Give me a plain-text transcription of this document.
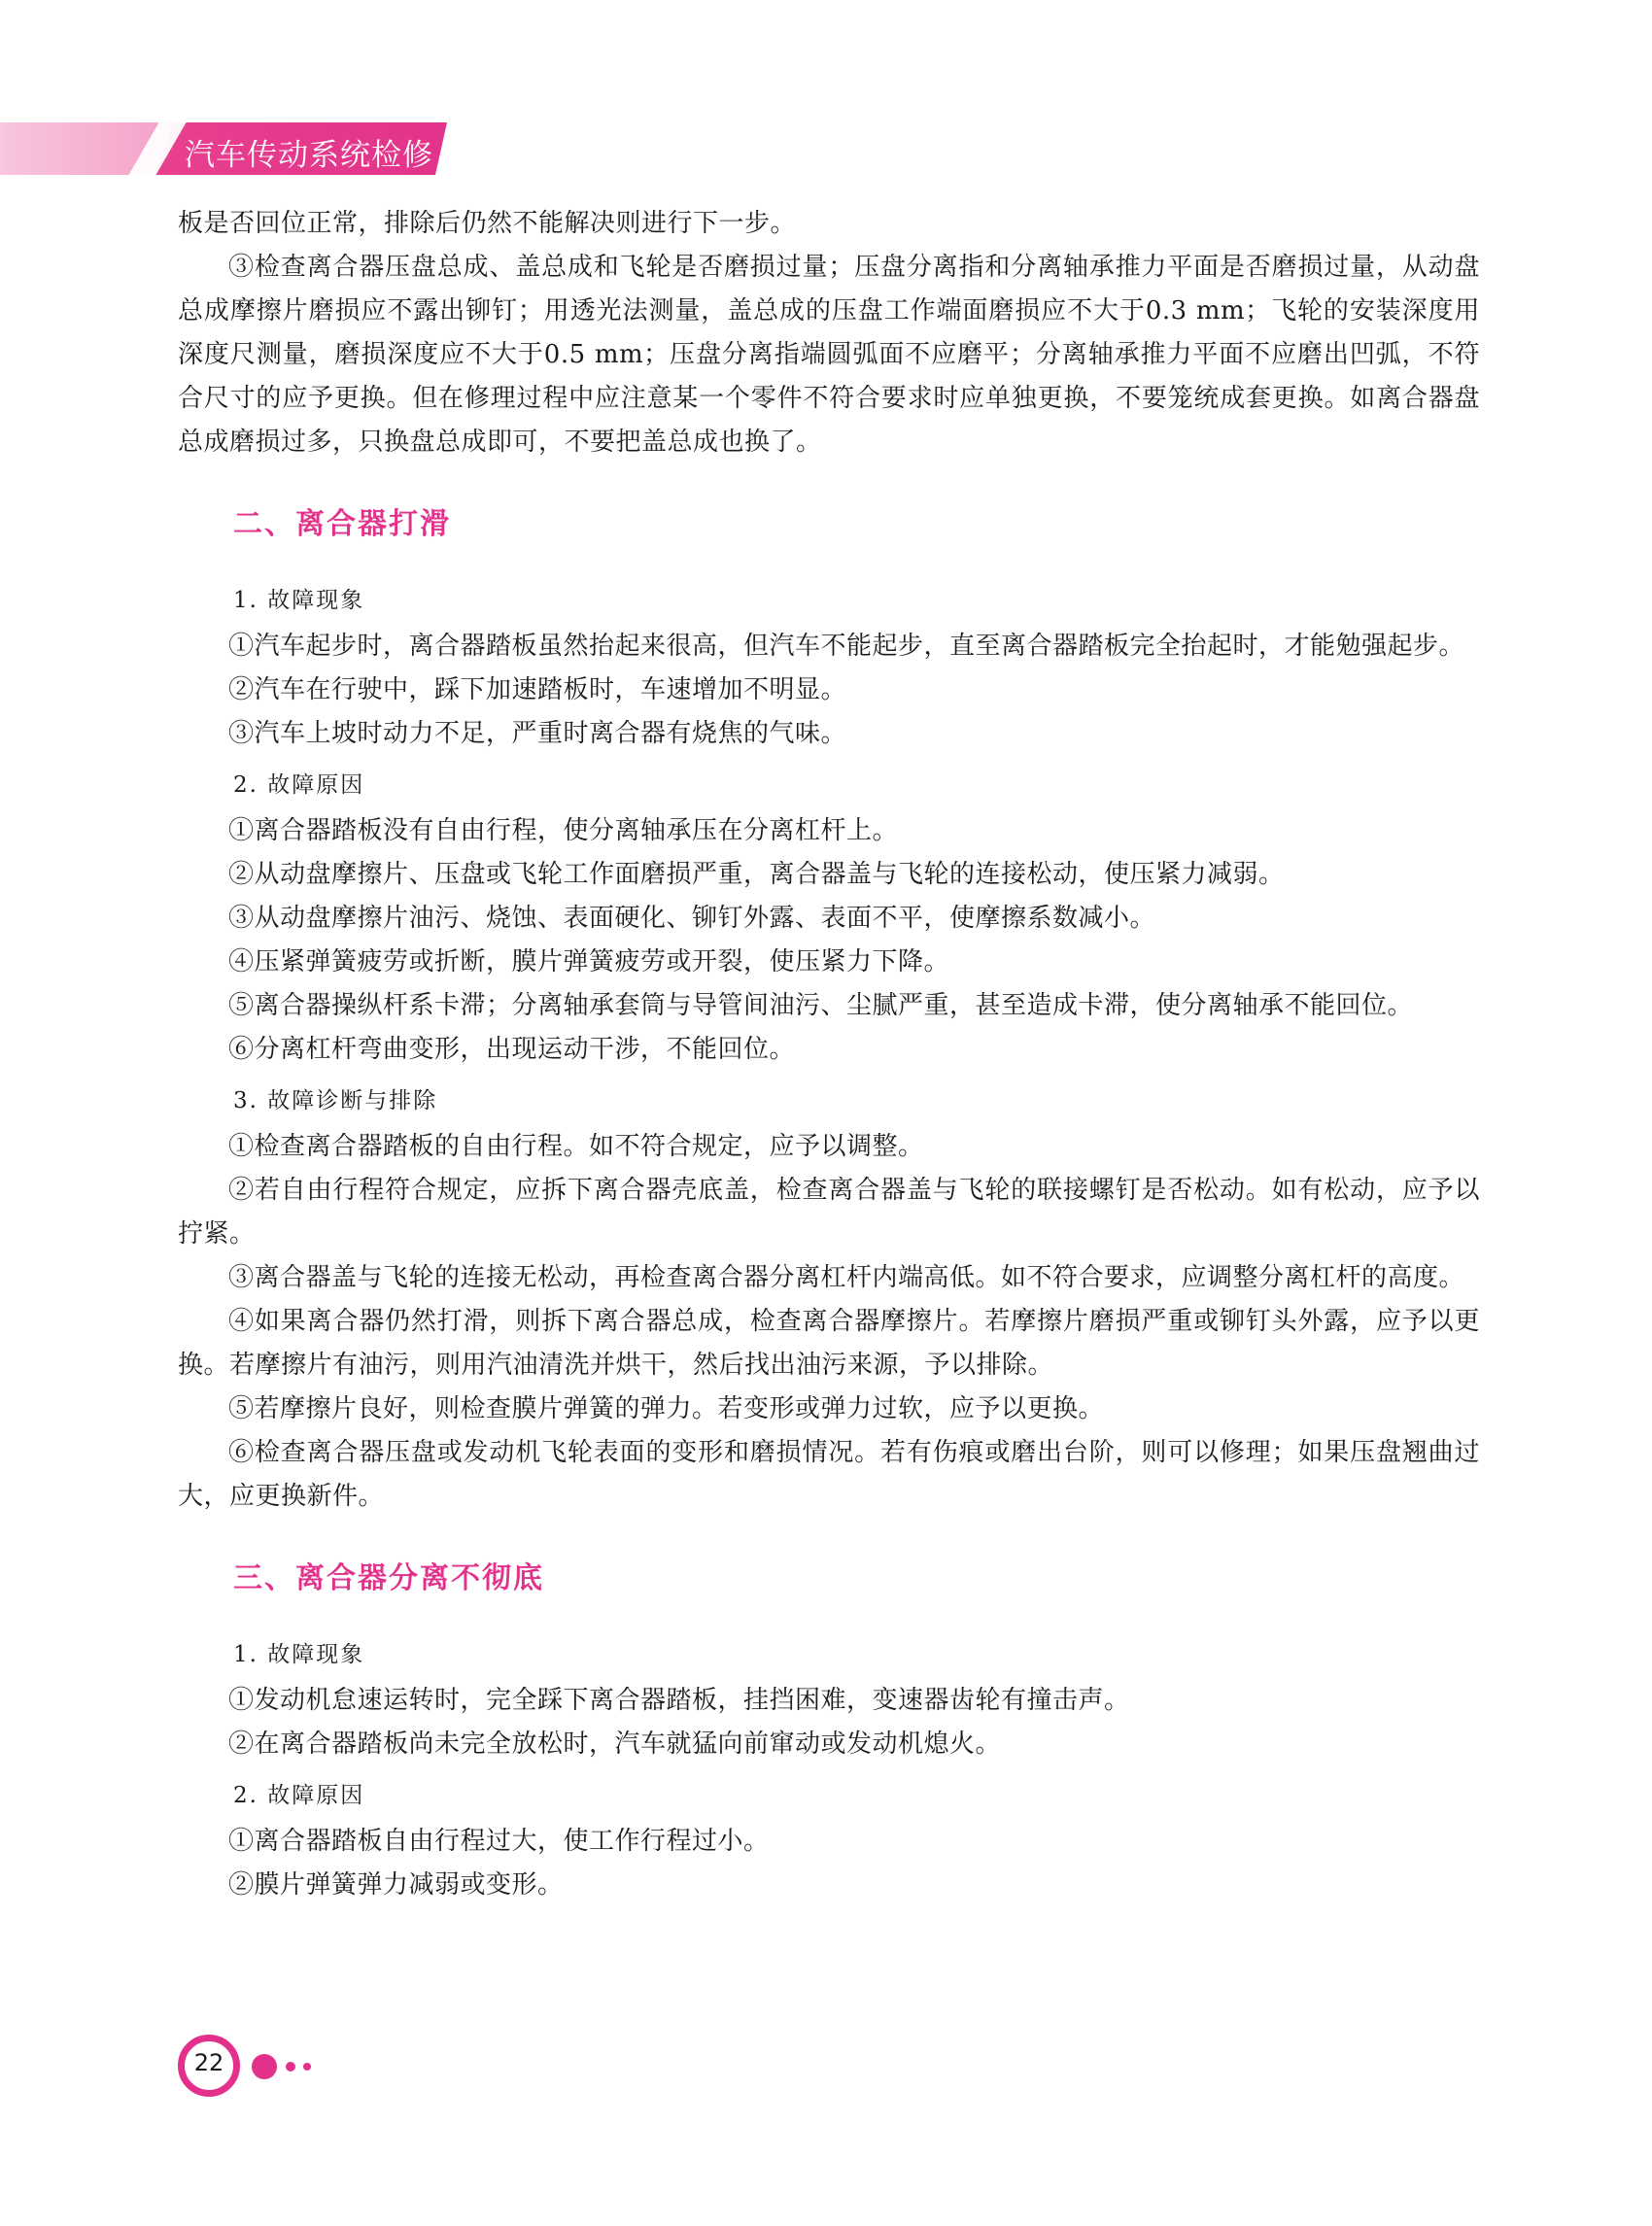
汽车传动系统检修

板是否回位正常，排除后仍然不能解决则进行下一步。

③检查离合器压盘总成、盖总成和飞轮是否磨损过量；压盘分离指和分离轴承推力平面是否磨损过量，从动盘总成摩擦片磨损应不露出铆钉；用透光法测量，盖总成的压盘工作端面磨损应不大于0.3 mm；飞轮的安装深度用深度尺测量，磨损深度应不大于0.5 mm；压盘分离指端圆弧面不应磨平；分离轴承推力平面不应磨出凹弧，不符合尺寸的应予更换。但在修理过程中应注意某一个零件不符合要求时应单独更换，不要笼统成套更换。如离合器盘总成磨损过多，只换盘总成即可，不要把盖总成也换了。

二、离合器打滑
1. 故障现象

①汽车起步时，离合器踏板虽然抬起来很高，但汽车不能起步，直至离合器踏板完全抬起时，才能勉强起步。

②汽车在行驶中，踩下加速踏板时，车速增加不明显。

③汽车上坡时动力不足，严重时离合器有烧焦的气味。

2. 故障原因

①离合器踏板没有自由行程，使分离轴承压在分离杠杆上。

②从动盘摩擦片、压盘或飞轮工作面磨损严重，离合器盖与飞轮的连接松动，使压紧力减弱。

③从动盘摩擦片油污、烧蚀、表面硬化、铆钉外露、表面不平，使摩擦系数减小。

④压紧弹簧疲劳或折断，膜片弹簧疲劳或开裂，使压紧力下降。

⑤离合器操纵杆系卡滞；分离轴承套筒与导管间油污、尘腻严重，甚至造成卡滞，使分离轴承不能回位。

⑥分离杠杆弯曲变形，出现运动干涉，不能回位。

3. 故障诊断与排除

①检查离合器踏板的自由行程。如不符合规定，应予以调整。

②若自由行程符合规定，应拆下离合器壳底盖，检查离合器盖与飞轮的联接螺钉是否松动。如有松动，应予以拧紧。

③离合器盖与飞轮的连接无松动，再检查离合器分离杠杆内端高低。如不符合要求，应调整分离杠杆的高度。

④如果离合器仍然打滑，则拆下离合器总成，检查离合器摩擦片。若摩擦片磨损严重或铆钉头外露，应予以更换。若摩擦片有油污，则用汽油清洗并烘干，然后找出油污来源，予以排除。

⑤若摩擦片良好，则检查膜片弹簧的弹力。若变形或弹力过软，应予以更换。

⑥检查离合器压盘或发动机飞轮表面的变形和磨损情况。若有伤痕或磨出台阶，则可以修理；如果压盘翘曲过大，应更换新件。

三、离合器分离不彻底
1. 故障现象

①发动机怠速运转时，完全踩下离合器踏板，挂挡困难，变速器齿轮有撞击声。

②在离合器踏板尚未完全放松时，汽车就猛向前窜动或发动机熄火。

2. 故障原因

①离合器踏板自由行程过大，使工作行程过小。

②膜片弹簧弹力减弱或变形。

22
